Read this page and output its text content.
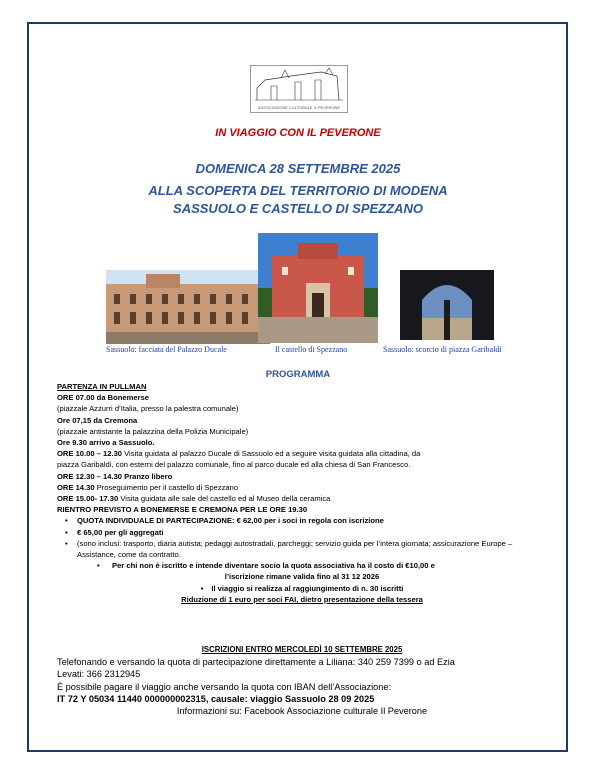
ASSOCIAZIONE CULTURALE IL PEVERONE
IN VIAGGIO CON IL PEVERONE
DOMENICA 28 SETTEMBRE 2025
ALLA SCOPERTA DEL TERRITORIO DI MODENA
SASSUOLO E CASTELLO DI SPEZZANO
Sassuolo: facciata del Palazzo Ducale	Il castello di Spezzano	Sassuolo: scorcio di piazza Garibaldi
PROGRAMMA
PARTENZA IN PULLMAN
ORE 07.00 da Bonemerse
(piazzale Azzurri d’Italia, presso la palestra comunale)
Ore 07,15 da Cremona
(piazzale antistante la palazzina della Polizia Municipale)
Ore 9.30 arrivo a Sassuolo.
ORE 10.00 – 12.30 Visita guidata al palazzo Ducale di Sassuolo ed a seguire visita guidata alla cittadina, da
piazza Garibaldi, con esterni del palazzo comunale, fino al parco ducale ed alla chiesa di San Francesco.
ORE 12.30 – 14.30 Pranzo libero
ORE 14.30 Proseguimento per il castello di Spezzano
ORE 15.00- 17.30 Visita guidata alle sale del castello ed al Museo della ceramica
RIENTRO PREVISTO A BONEMERSE E CREMONA PER LE ORE 19.30
• QUOTA INDIVIDUALE DI PARTECIPAZIONE: € 62,00 per i soci in regola con iscrizione
• € 65,00 per gli aggregati
• (sono inclusi: trasporto, diaria autista; pedaggi autostradali, parcheggi; servizio guida per l’intera giornata; assicurazione Europe – Assistance, come da contratto.
• Per chi non è iscritto e intende diventare socio la quota associativa ha il costo di €10,00 e
l’iscrizione rimane valida fino al 31 12 2026
• Il viaggio si realizza al raggiungimento di n. 30 iscritti
Riduzione di 1 euro per soci FAI, dietro presentazione della tessera
ISCRIZIONI ENTRO MERCOLEDÌ 10 SETTEMBRE 2025
Telefonando e versando la quota di partecipazione direttamente a Liliana: 340 259 7399 o ad Ezia
Levati: 366 2312945
È possibile pagare il viaggio anche versando la quota con IBAN dell’Associazione:
IT 72 Y 05034 11440 000000002315, causale: viaggio Sassuolo 28 09 2025
Informazioni su: Facebook Associazione culturale Il Peverone
